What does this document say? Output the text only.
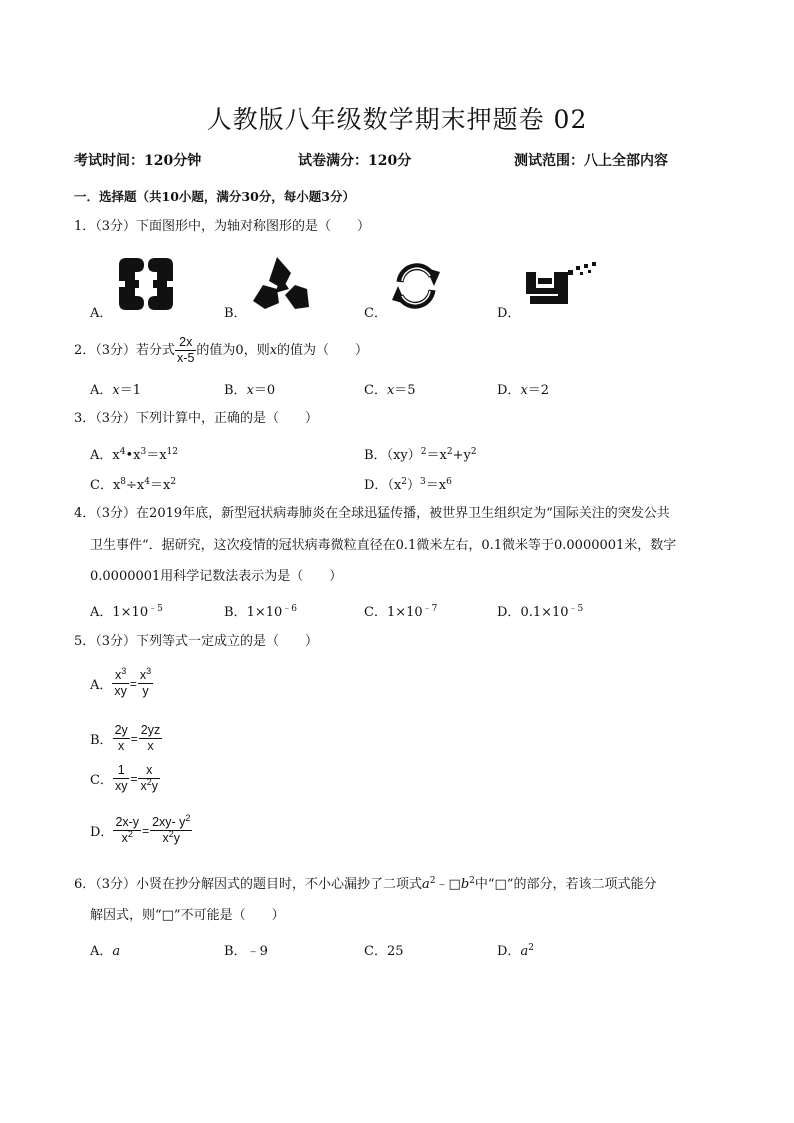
人教版八年级数学期末押题卷 02
考试时间：120分钟	试卷满分：120分	测试范围：八上全部内容
一．选择题（共10小题，满分30分，每小题3分）
1．（3分）下面图形中，为轴对称图形的是（　　）
A．	B．	C．	D．
2．（3分）若分式 $\frac{2x}{x-5}$ 的值为0，则x的值为（　　）
A．x＝1	B．x＝0	C．x＝5	D．x＝2
3．（3分）下列计算中，正确的是（　　）
A．$x^4•x^3=x^{12}$	B．$(xy)^2=x^2+y^2$
C．$x^8\div x^4=x^2$	D．$(x^2)^3=x^6$
4．（3分）在2019年底，新型冠状病毒肺炎在全球迅猛传播，被世界卫生组织定为“国际关注的突发公共
卫生事件“．据研究，这次疫情的冠状病毒微粒直径在0.1微米左右，0.1微米等于0.0000001米，数字
0.0000001用科学记数法表示为是（　　）
A．$1\times 10^{﹣5}$	B．$1\times 10^{﹣6}$	C．$1\times 10^{﹣7}$	D．$0.1\times 10^{﹣5}$
5．（3分）下列等式一定成立的是（　　）
A． $\frac{x^3}{xy} = \frac{x^3}{y}$
B． $\frac{2y}{x} = \frac{2yz}{x}$
C． $\frac{1}{xy} = \frac{x}{x^2y}$
D． $\frac{2x-y}{x^2} = \frac{2xy- y^2}{x^2y}$
6．（3分）小贤在抄分解因式的题目时，不小心漏抄了二项式$a^2﹣□b^2$中“□”的部分，若该二项式能分
解因式，则“□”不可能是（　　）
A．a	B．﹣9	C．25	D．$a^2$
